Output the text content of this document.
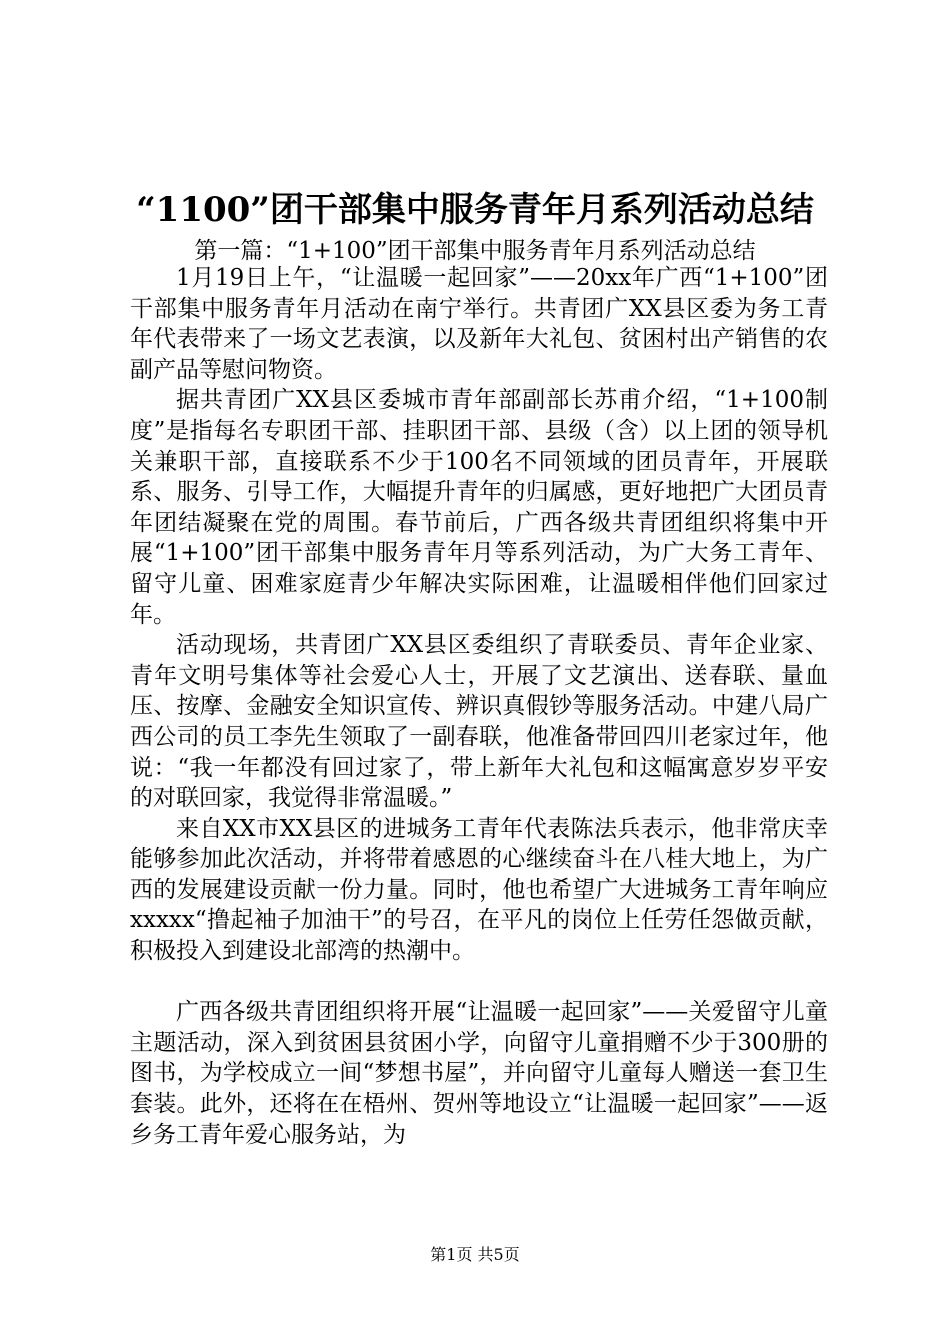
“1100”团干部集中服务青年月系列活动总结
第一篇：“1+100”团干部集中服务青年月系列活动总结

1月19日上午，“让温暖一起回家”——20xx年广西“1+100”团干部集中服务青年月活动在南宁举行。共青团广XX县区委为务工青年代表带来了一场文艺表演，以及新年大礼包、贫困村出产销售的农副产品等慰问物资。

据共青团广XX县区委城市青年部副部长苏甫介绍，“1+100制度”是指每名专职团干部、挂职团干部、县级（含）以上团的领导机关兼职干部，直接联系不少于100名不同领域的团员青年，开展联系、服务、引导工作，大幅提升青年的归属感，更好地把广大团员青年团结凝聚在党的周围。春节前后，广西各级共青团组织将集中开展“1+100”团干部集中服务青年月等系列活动，为广大务工青年、留守儿童、困难家庭青少年解决实际困难，让温暖相伴他们回家过年。

活动现场，共青团广XX县区委组织了青联委员、青年企业家、青年文明号集体等社会爱心人士，开展了文艺演出、送春联、量血压、按摩、金融安全知识宣传、辨识真假钞等服务活动。中建八局广西公司的员工李先生领取了一副春联，他准备带回四川老家过年，他说：“我一年都没有回过家了，带上新年大礼包和这幅寓意岁岁平安的对联回家，我觉得非常温暖。”

来自XX市XX县区的进城务工青年代表陈法兵表示，他非常庆幸能够参加此次活动，并将带着感恩的心继续奋斗在八桂大地上，为广西的发展建设贡献一份力量。同时，他也希望广大进城务工青年响应xxxxx“撸起袖子加油干”的号召，在平凡的岗位上任劳任怨做贡献，积极投入到建设北部湾的热潮中。

广西各级共青团组织将开展“让温暖一起回家”——关爱留守儿童主题活动，深入到贫困县贫困小学，向留守儿童捐赠不少于300册的图书，为学校成立一间“梦想书屋”，并向留守儿童每人赠送一套卫生套装。此外，还将在在梧州、贺州等地设立“让温暖一起回家”——返乡务工青年爱心服务站，为

第1页 共5页
